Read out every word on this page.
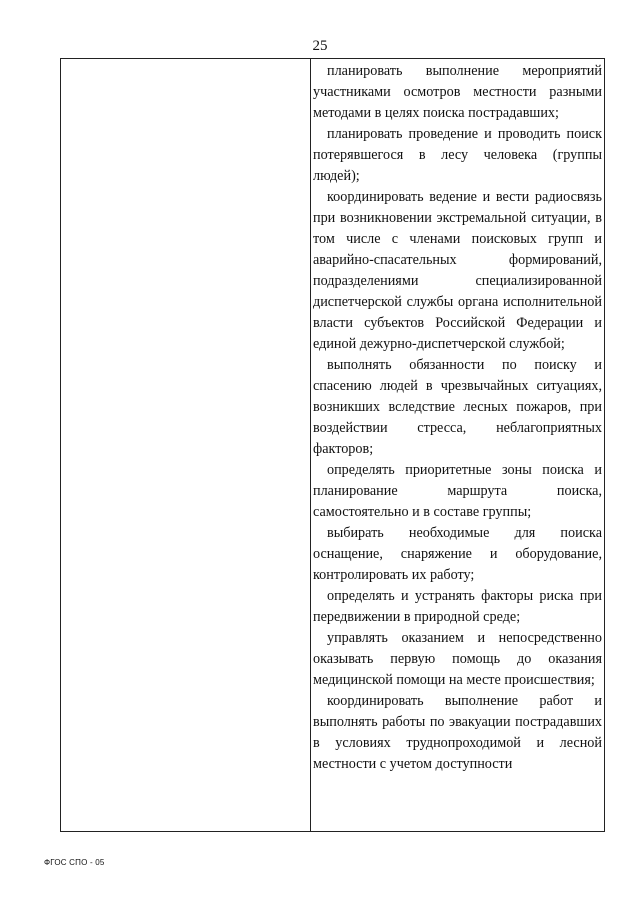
25

планировать выполнение мероприятий участниками осмотров местности разными методами в целях поиска пострадавших;

планировать проведение и проводить поиск потерявшегося в лесу человека (группы людей);

координировать ведение и вести радиосвязь при возникновении экстремальной ситуации, в том числе с членами поисковых групп и аварийно-спасательных формирований, подразделениями специализированной диспетчерской службы органа исполнительной власти субъектов Российской Федерации и единой дежурно-диспетчерской службой;

выполнять обязанности по поиску и спасению людей в чрезвычайных ситуациях, возникших вследствие лесных пожаров, при воздействии стресса, неблагоприятных факторов;

определять приоритетные зоны поиска и планирование маршрута поиска, самостоятельно и в составе группы;

выбирать необходимые для поиска оснащение, снаряжение и оборудование, контролировать их работу;

определять и устранять факторы риска при передвижении в природной среде;

управлять оказанием и непосредственно оказывать первую помощь до оказания медицинской помощи на месте происшествия;

координировать выполнение работ и выполнять работы по эвакуации пострадавших в условиях труднопроходимой и лесной местности с учетом доступности

ФГОС СПО - 05
